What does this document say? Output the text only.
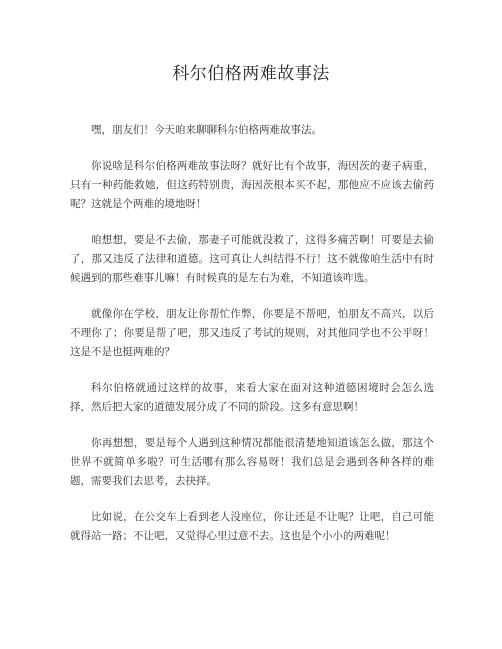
科尔伯格两难故事法

嘿，朋友们！今天咱来聊聊科尔伯格两难故事法。

你说啥是科尔伯格两难故事法呀？就好比有个故事，海因茨的妻子病重，只有一种药能救她，但这药特别贵，海因茨根本买不起，那他应不应该去偷药呢？这就是个两难的境地呀！

咱想想，要是不去偷，那妻子可能就没救了，这得多痛苦啊！可要是去偷了，那又违反了法律和道德。这可真让人纠结得不行！这不就像咱生活中有时候遇到的那些难事儿嘛！有时候真的是左右为难，不知道该咋选。

就像你在学校，朋友让你帮忙作弊，你要是不帮吧，怕朋友不高兴，以后不理你了；你要是帮了吧，那又违反了考试的规则，对其他同学也不公平呀！这是不是也挺两难的？

科尔伯格就通过这样的故事，来看大家在面对这种道德困境时会怎么选择，然后把大家的道德发展分成了不同的阶段。这多有意思啊！

你再想想，要是每个人遇到这种情况都能很清楚地知道该怎么做，那这个世界不就简单多啦？可生活哪有那么容易呀！我们总是会遇到各种各样的难题，需要我们去思考，去抉择。

比如说，在公交车上看到老人没座位，你让还是不让呢？让吧，自己可能就得站一路；不让吧，又觉得心里过意不去。这也是个小小的两难呢！
